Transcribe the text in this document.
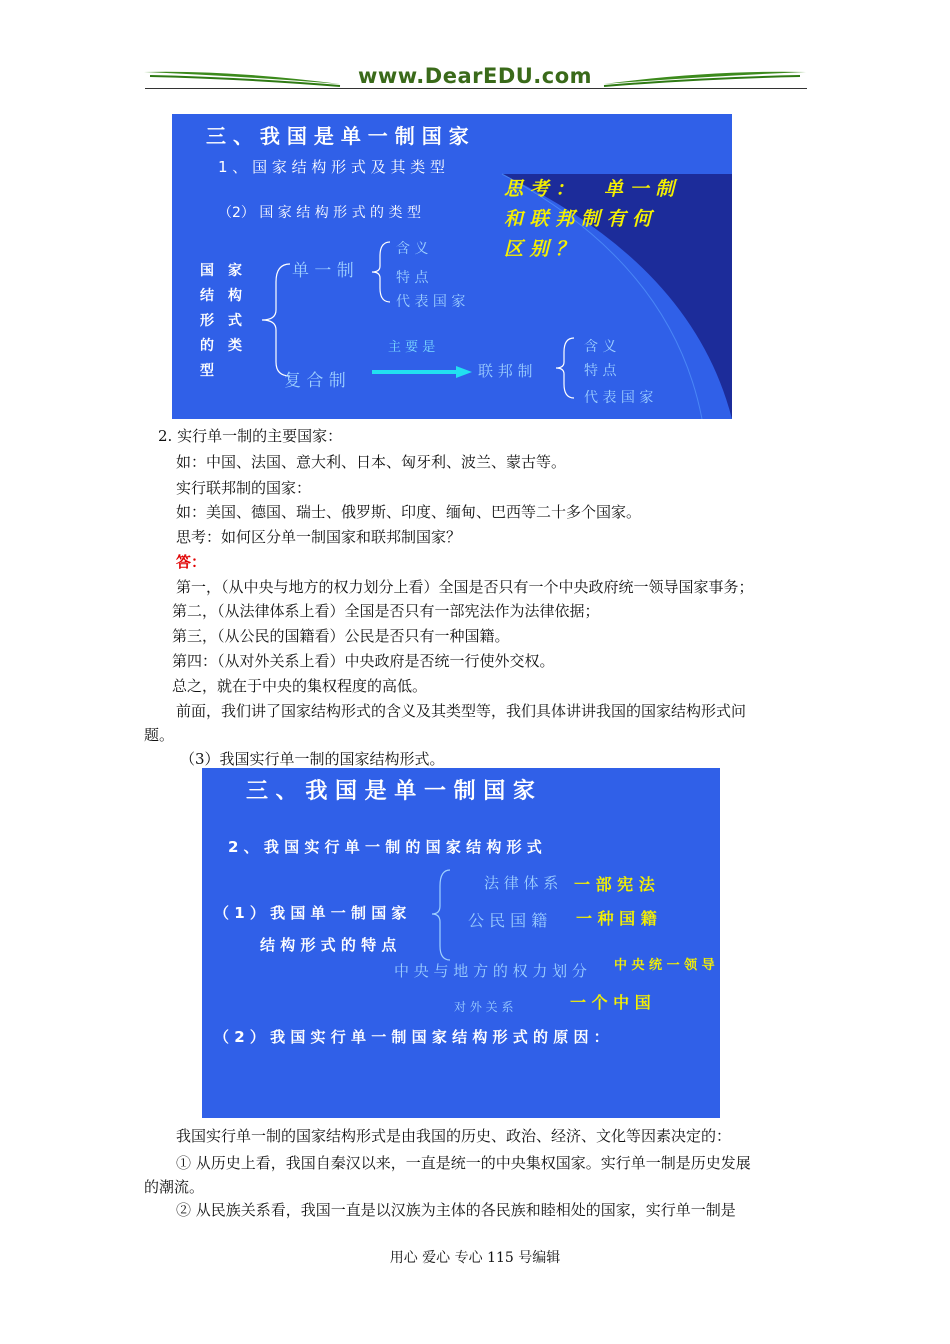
www.DearEDU.com
三 、 我 国 是 单 一 制 国 家
1 、 国 家 结 构 形 式 及 其 类 型
（2） 国 家 结 构 形 式 的 类 型
思 考 ： 单 一 制
和 联 邦 制 有 何
区 别 ？
国
结
形
的
型
家
构
式
类
单 一 制
含 义
特 点
代 表 国 家
复 合 制
主 要 是
联 邦 制
含 义
特 点
代 表 国 家
2. 实行单一制的主要国家：
如：中国、法国、意大利、日本、匈牙利、波兰、蒙古等。
实行联邦制的国家：
如：美国、德国、瑞士、俄罗斯、印度、缅甸、巴西等二十多个国家。
思考：如何区分单一制国家和联邦制国家？
答：
第一，（从中央与地方的权力划分上看）全国是否只有一个中央政府统一领导国家事务；
第二，（从法律体系上看）全国是否只有一部宪法作为法律依据；
第三，（从公民的国籍看）公民是否只有一种国籍。
第四：（从对外关系上看）中央政府是否统一行使外交权。
总之，就在于中央的集权程度的高低。
前面，我们讲了国家结构形式的含义及其类型等，我们具体讲讲我国的国家结构形式问
题。
（3）我国实行单一制的国家结构形式。
三 、 我 国 是 单 一 制 国 家
2 、 我 国 实 行 单 一 制 的 国 家 结 构 形 式
（ 1 ） 我 国 单 一 制 国 家
结 构 形 式 的 特 点
法 律 体 系 一 部 宪 法
公 民 国 籍 一 种 国 籍
中 央 与 地 方 的 权 力 划 分 中 央 统 一 领 导
对 外 关 系	一 个 中 国
（ 2 ） 我 国 实 行 单 一 制 国 家 结 构 形 式 的 原 因 ：
我国实行单一制的国家结构形式是由我国的历史、政治、经济、文化等因素决定的：
① 从历史上看，我国自秦汉以来，一直是统一的中央集权国家。实行单一制是历史发展
的潮流。
② 从民族关系看，我国一直是以汉族为主体的各民族和睦相处的国家，实行单一制是
用心 爱心 专心 115 号编辑
